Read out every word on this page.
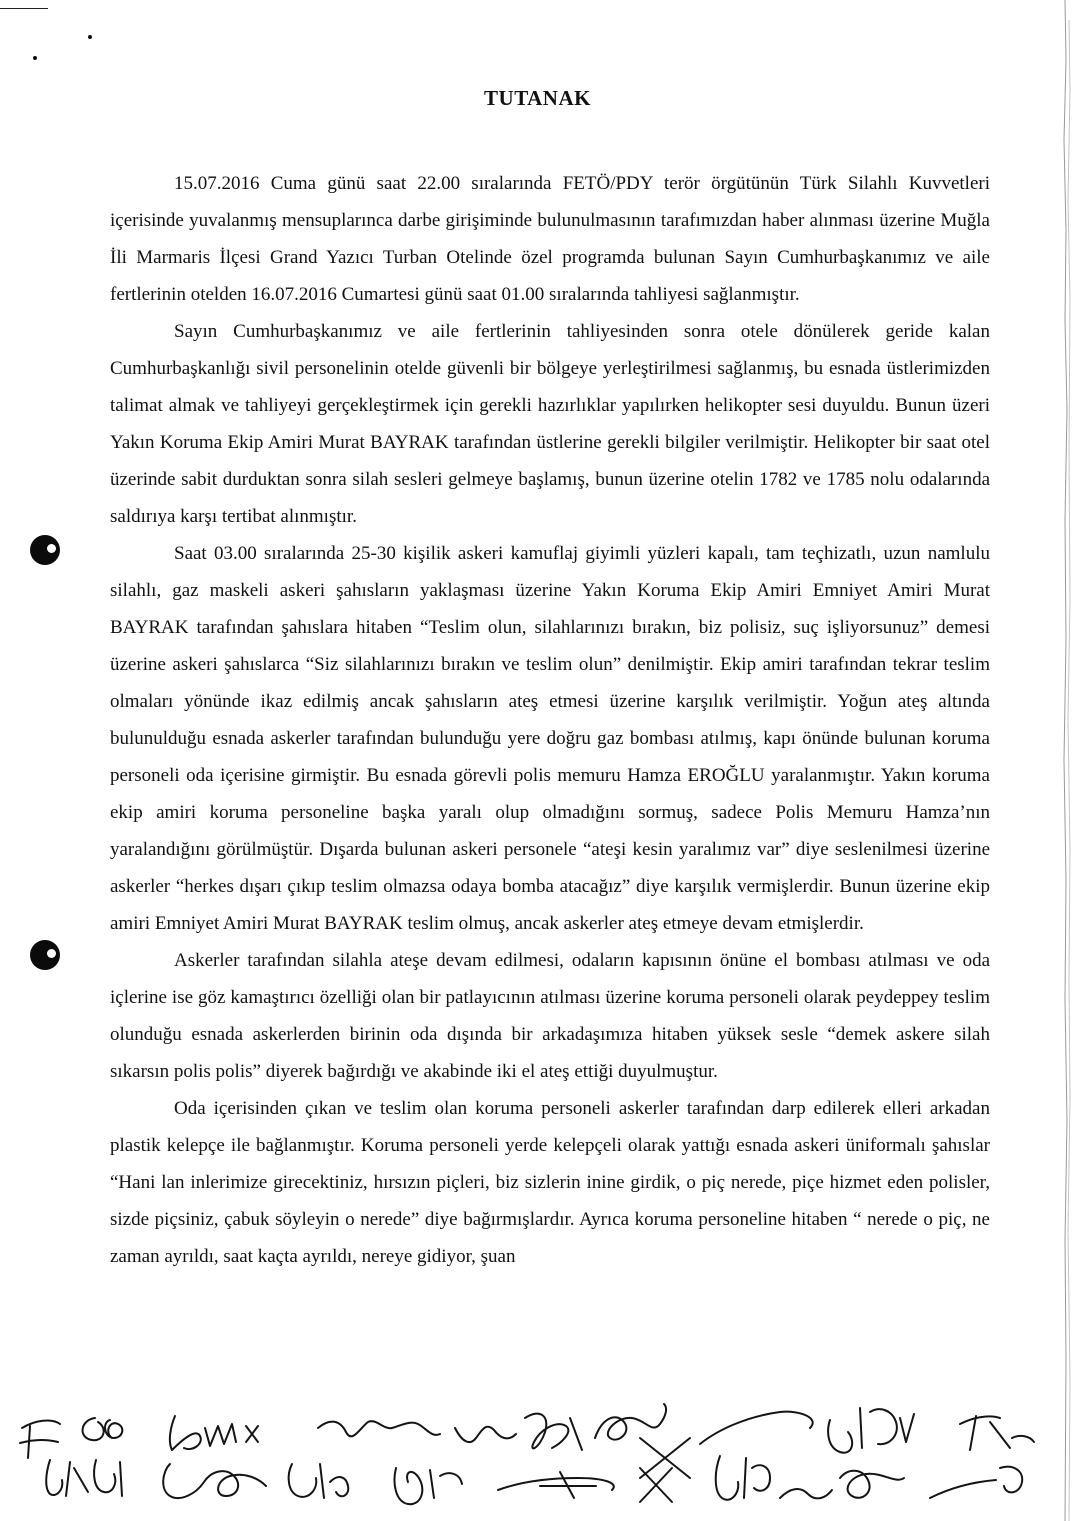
TUTANAK

15.07.2016 Cuma günü saat 22.00 sıralarında FETÖ/PDY terör örgütünün Türk Silahlı Kuvvetleri içerisinde yuvalanmış mensuplarınca darbe girişiminde bulunulmasının tarafımızdan haber alınması üzerine Muğla İli Marmaris İlçesi Grand Yazıcı Turban Otelinde özel programda bulunan Sayın Cumhurbaşkanımız ve aile fertlerinin otelden 16.07.2016 Cumartesi günü saat 01.00 sıralarında tahliyesi sağlanmıştır.

Sayın Cumhurbaşkanımız ve aile fertlerinin tahliyesinden sonra otele dönülerek geride kalan Cumhurbaşkanlığı sivil personelinin otelde güvenli bir bölgeye yerleştirilmesi sağlanmış, bu esnada üstlerimizden talimat almak ve tahliyeyi gerçekleştirmek için gerekli hazırlıklar yapılırken helikopter sesi duyuldu. Bunun üzeri Yakın Koruma Ekip Amiri Murat BAYRAK tarafından üstlerine gerekli bilgiler verilmiştir. Helikopter bir saat otel üzerinde sabit durduktan sonra silah sesleri gelmeye başlamış, bunun üzerine otelin 1782 ve 1785 nolu odalarında saldırıya karşı tertibat alınmıştır.

Saat 03.00 sıralarında 25-30 kişilik askeri kamuflaj giyimli yüzleri kapalı, tam teçhizatlı, uzun namlulu silahlı, gaz maskeli askeri şahısların yaklaşması üzerine Yakın Koruma Ekip Amiri Emniyet Amiri Murat BAYRAK tarafından şahıslara hitaben “Teslim olun, silahlarınızı bırakın, biz polisiz, suç işliyorsunuz” demesi üzerine askeri şahıslarca “Siz silahlarınızı bırakın ve teslim olun” denilmiştir. Ekip amiri tarafından tekrar teslim olmaları yönünde ikaz edilmiş ancak şahısların ateş etmesi üzerine karşılık verilmiştir. Yoğun ateş altında bulunulduğu esnada askerler tarafından bulunduğu yere doğru gaz bombası atılmış, kapı önünde bulunan koruma personeli oda içerisine girmiştir. Bu esnada görevli polis memuru Hamza EROĞLU yaralanmıştır. Yakın koruma ekip amiri koruma personeline başka yaralı olup olmadığını sormuş, sadece Polis Memuru Hamza’nın yaralandığını görülmüştür. Dışarda bulunan askeri personele “ateşi kesin yaralımız var” diye seslenilmesi üzerine askerler “herkes dışarı çıkıp teslim olmazsa odaya bomba atacağız” diye karşılık vermişlerdir. Bunun üzerine ekip amiri Emniyet Amiri Murat BAYRAK teslim olmuş, ancak askerler ateş etmeye devam etmişlerdir.

Askerler tarafından silahla ateşe devam edilmesi, odaların kapısının önüne el bombası atılması ve oda içlerine ise göz kamaştırıcı özelliği olan bir patlayıcının atılması üzerine koruma personeli olarak peydeрpey teslim olunduğu esnada askerlerden birinin oda dışında bir arkadaşımıza hitaben yüksek sesle “demek askere silah sıkarsın polis polis” diyerek bağırdığı ve akabinde iki el ateş ettiği duyulmuştur.

Oda içerisinden çıkan ve teslim olan koruma personeli askerler tarafından darp edilerek elleri arkadan plastik kelepçe ile bağlanmıştır. Koruma personeli yerde kelepçeli olarak yattığı esnada askeri üniformalı şahıslar “Hani lan inlerimize girecektiniz, hırsızın piçleri, biz sizlerin inine girdik, o piç nerede, piçe hizmet eden polisler, sizde piçsiniz, çabuk söyleyin o nerede” diye bağırmışlardır. Ayrıca koruma personeline hitaben “ nerede o piç, ne zaman ayrıldı, saat kaçta ayrıldı, nereye gidiyor, şuan
